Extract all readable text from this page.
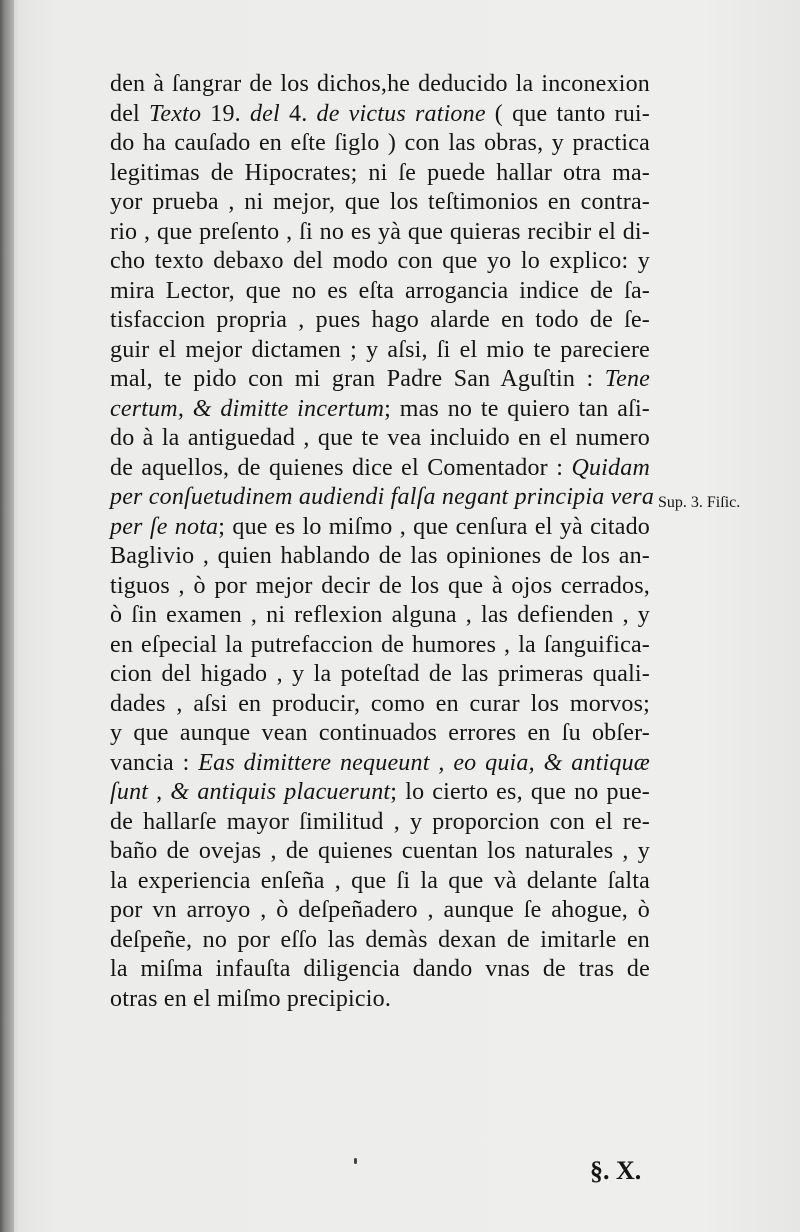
den à ſangrar de los dichos,he deducido la inconexion
del Texto 19. del 4. de victus ratione ( que tanto rui-
do ha cauſado en eſte ſiglo ) con las obras, y practica
legitimas de Hipocrates; ni ſe puede hallar otra ma-
yor prueba , ni mejor, que los teſtimonios en contra-
rio , que preſento , ſi no es yà que quieras recibir el di-
cho texto debaxo del modo con que yo lo explico: y
mira Lector, que no es eſta arrogancia indice de ſa-
tisfaccion propria , pues hago alarde en todo de ſe-
guir el mejor dictamen ; y aſsi, ſi el mio te pareciere
mal, te pido con mi gran Padre San Aguſtin : Tene
certum, & dimitte incertum; mas no te quiero tan aſi-
do à la antiguedad , que te vea incluido en el numero
de aquellos, de quienes dice el Comentador : Quidam
per conſuetudinem audiendi falſa negant principia vera
per ſe nota; que es lo miſmo , que cenſura el yà citado
Baglivio , quien hablando de las opiniones de los an-
tiguos , ò por mejor decir de los que à ojos cerrados,
ò ſin examen , ni reflexion alguna , las defienden , y
en eſpecial la putrefaccion de humores , la ſanguifica-
cion del higado , y la poteſtad de las primeras quali-
dades , aſsi en producir, como en curar los morvos;
y que aunque vean continuados errores en ſu obſer-
vancia : Eas dimittere nequeunt , eo quia, & antiquæ
ſunt , & antiquis placuerunt; lo cierto es, que no pue-
de hallarſe mayor ſimilitud , y proporcion con el re-
baño de ovejas , de quienes cuentan los naturales , y
la experiencia enſeña , que ſi la que và delante ſalta
por vn arroyo , ò deſpeñadero , aunque ſe ahogue, ò
deſpeñe, no por eſſo las demàs dexan de imitarle en
la miſma infauſta diligencia dando vnas de tras de
otras en el miſmo precipicio.
Sup. 3. Fiſic.
§. X.
